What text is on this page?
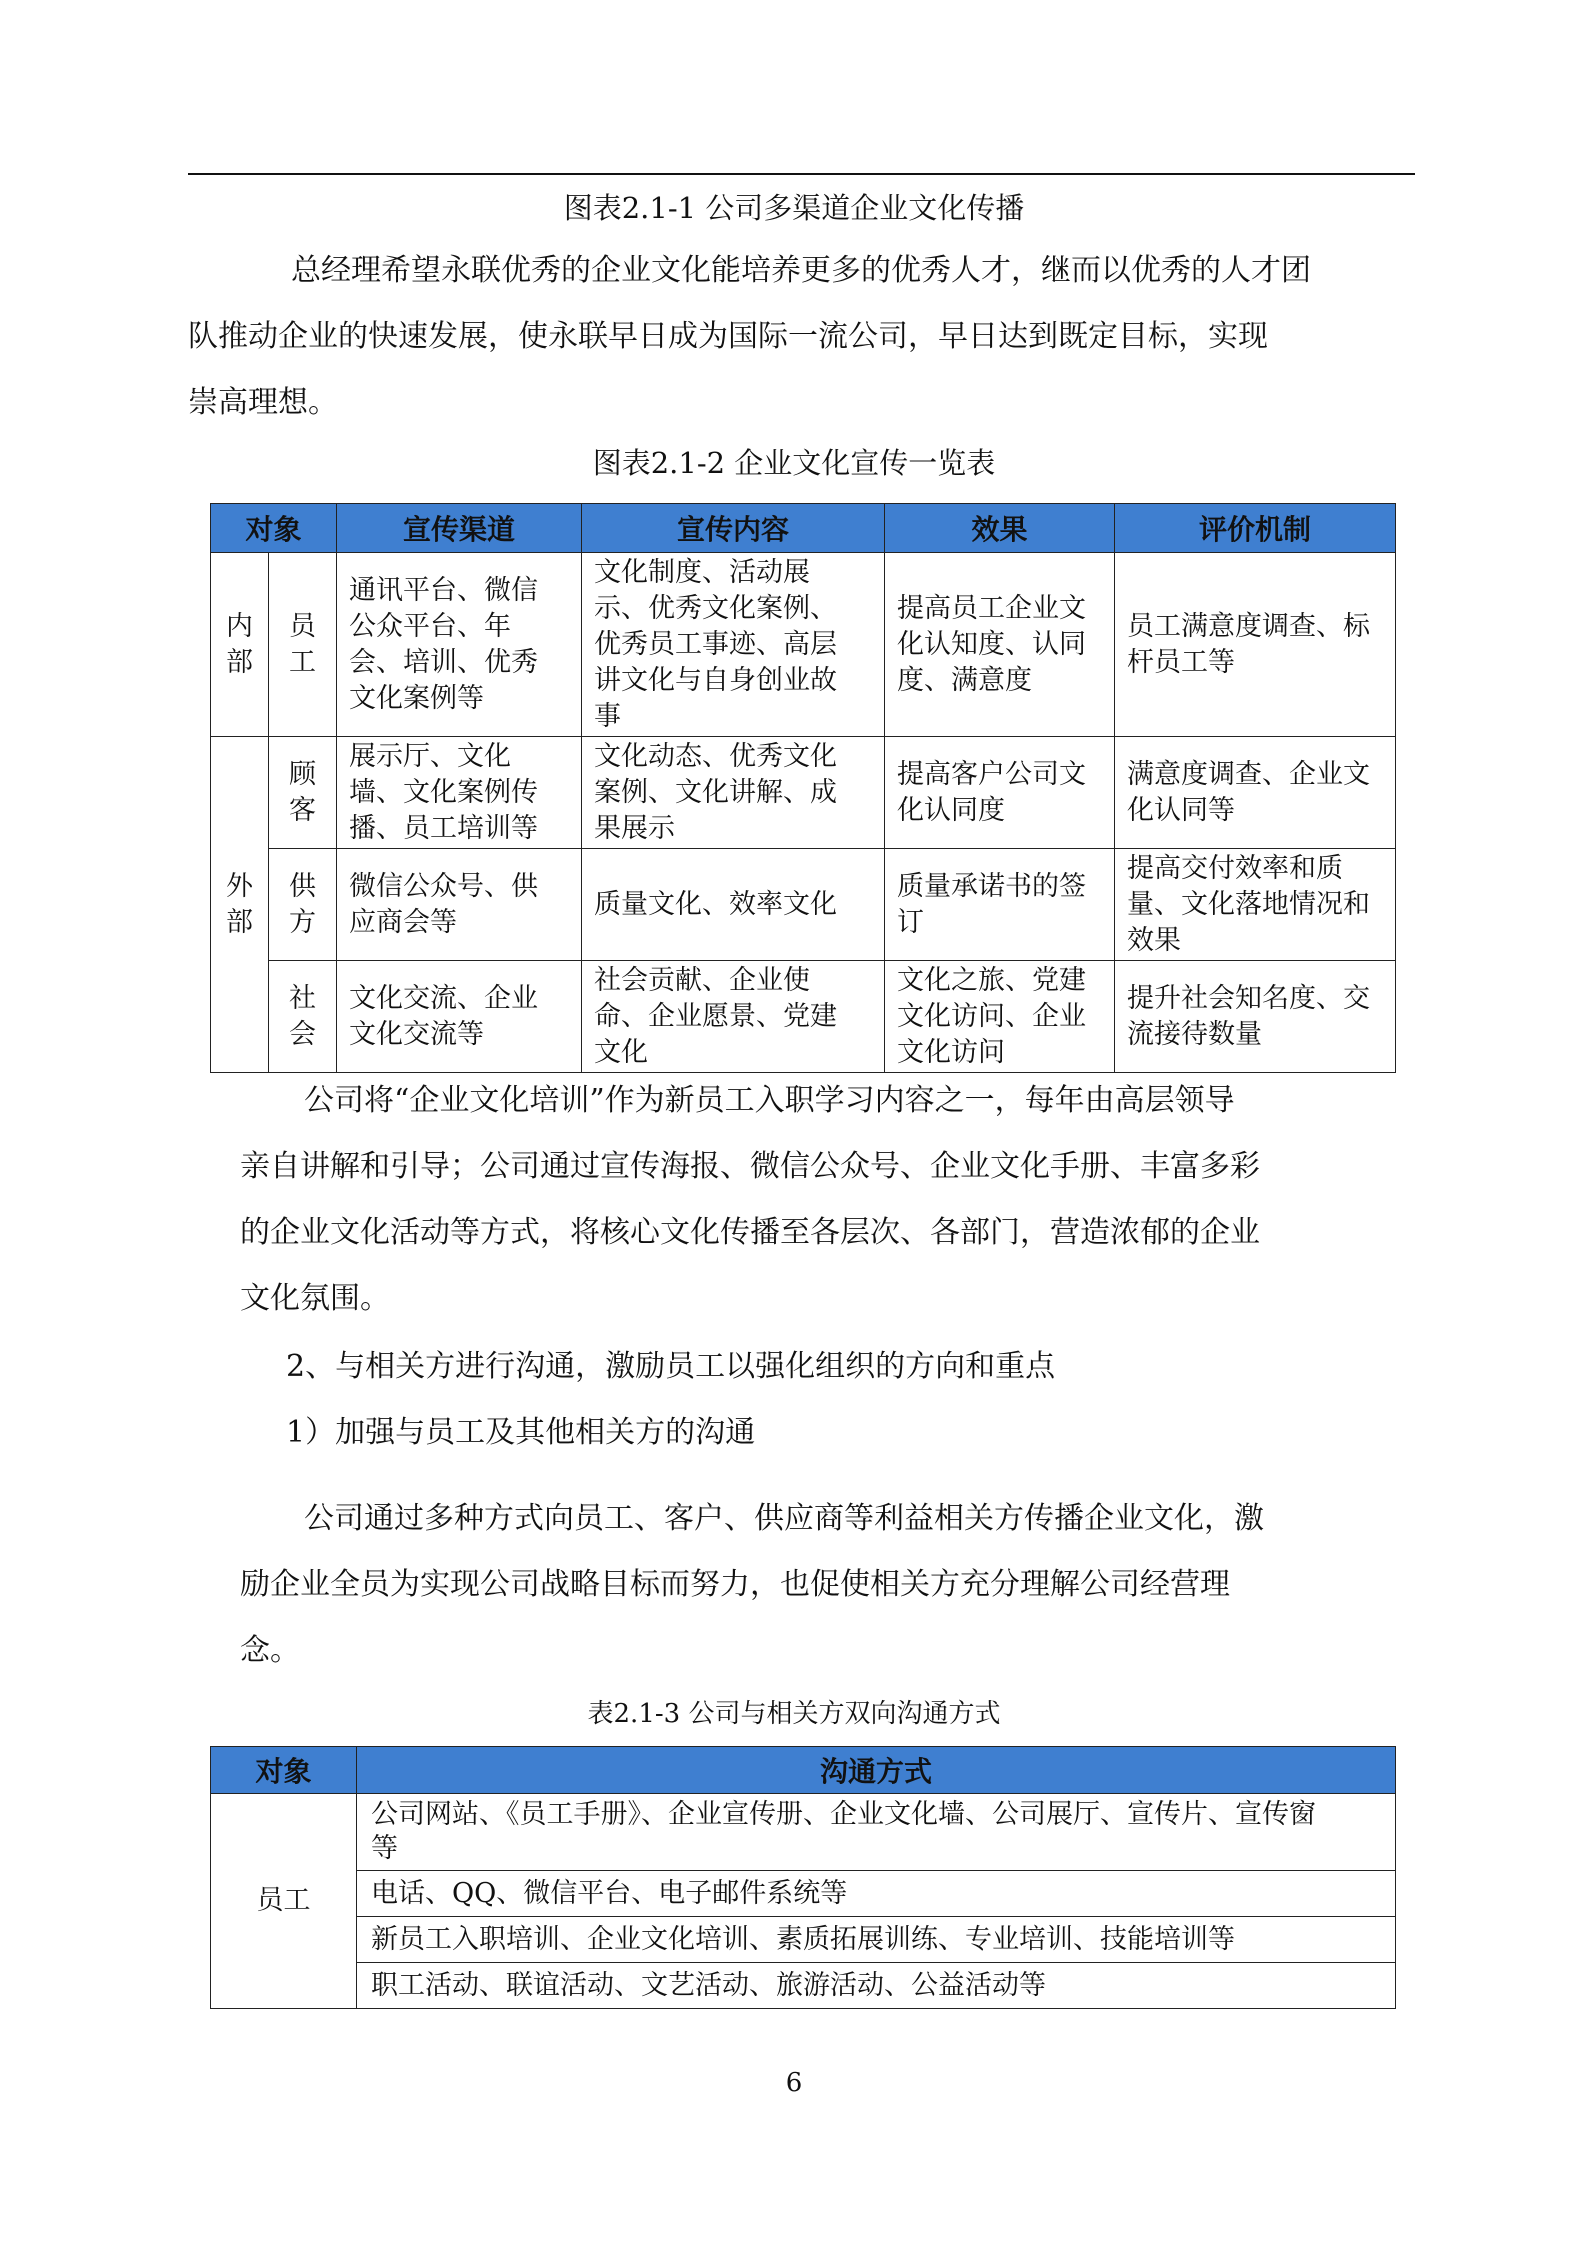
图表2.1-1 公司多渠道企业文化传播
总经理希望永联优秀的企业文化能培养更多的优秀人才，继而以优秀的人才团
队推动企业的快速发展，使永联早日成为国际一流公司，早日达到既定目标，实现
崇高理想。
图表2.1-2 企业文化宣传一览表
对象		宣传渠道	宣传内容	效果	评价机制

内
部	员
工	通讯平台、微信
公众平台、年
会、培训、优秀
文化案例等	文化制度、活动展
示、优秀文化案例、
优秀员工事迹、高层
讲文化与自身创业故
事	提高员工企业文
化认知度、认同
度、满意度	员工满意度调查、标
杆员工等

外
部	顾
客	展示厅、文化
墙、文化案例传
播、员工培训等	文化动态、优秀文化
案例、文化讲解、成
果展示	提高客户公司文
化认同度	满意度调查、企业文
化认同等

	供
方	微信公众号、供
应商会等	质量文化、效率文化	质量承诺书的签
订	提高交付效率和质
量、文化落地情况和
效果

	社
会	文化交流、企业
文化交流等	社会贡献、企业使
命、企业愿景、党建
文化	文化之旅、党建
文化访问、企业
文化访问	提升社会知名度、交
流接待数量
公司将“企业文化培训”作为新员工入职学习内容之一，每年由高层领导
亲自讲解和引导；公司通过宣传海报、微信公众号、企业文化手册、丰富多彩
的企业文化活动等方式，将核心文化传播至各层次、各部门，营造浓郁的企业
文化氛围。
2、与相关方进行沟通，激励员工以强化组织的方向和重点
1）加强与员工及其他相关方的沟通
公司通过多种方式向员工、客户、供应商等利益相关方传播企业文化，激
励企业全员为实现公司战略目标而努力，也促使相关方充分理解公司经营理
念。
表2.1-3 公司与相关方双向沟通方式
对象	沟通方式
员工	公司网站、《员工手册》、企业宣传册、企业文化墙、公司展厅、宣传片、宣传窗
等

	电话、QQ、微信平台、电子邮件系统等

	新员工入职培训、企业文化培训、素质拓展训练、专业培训、技能培训等

	职工活动、联谊活动、文艺活动、旅游活动、公益活动等
6
